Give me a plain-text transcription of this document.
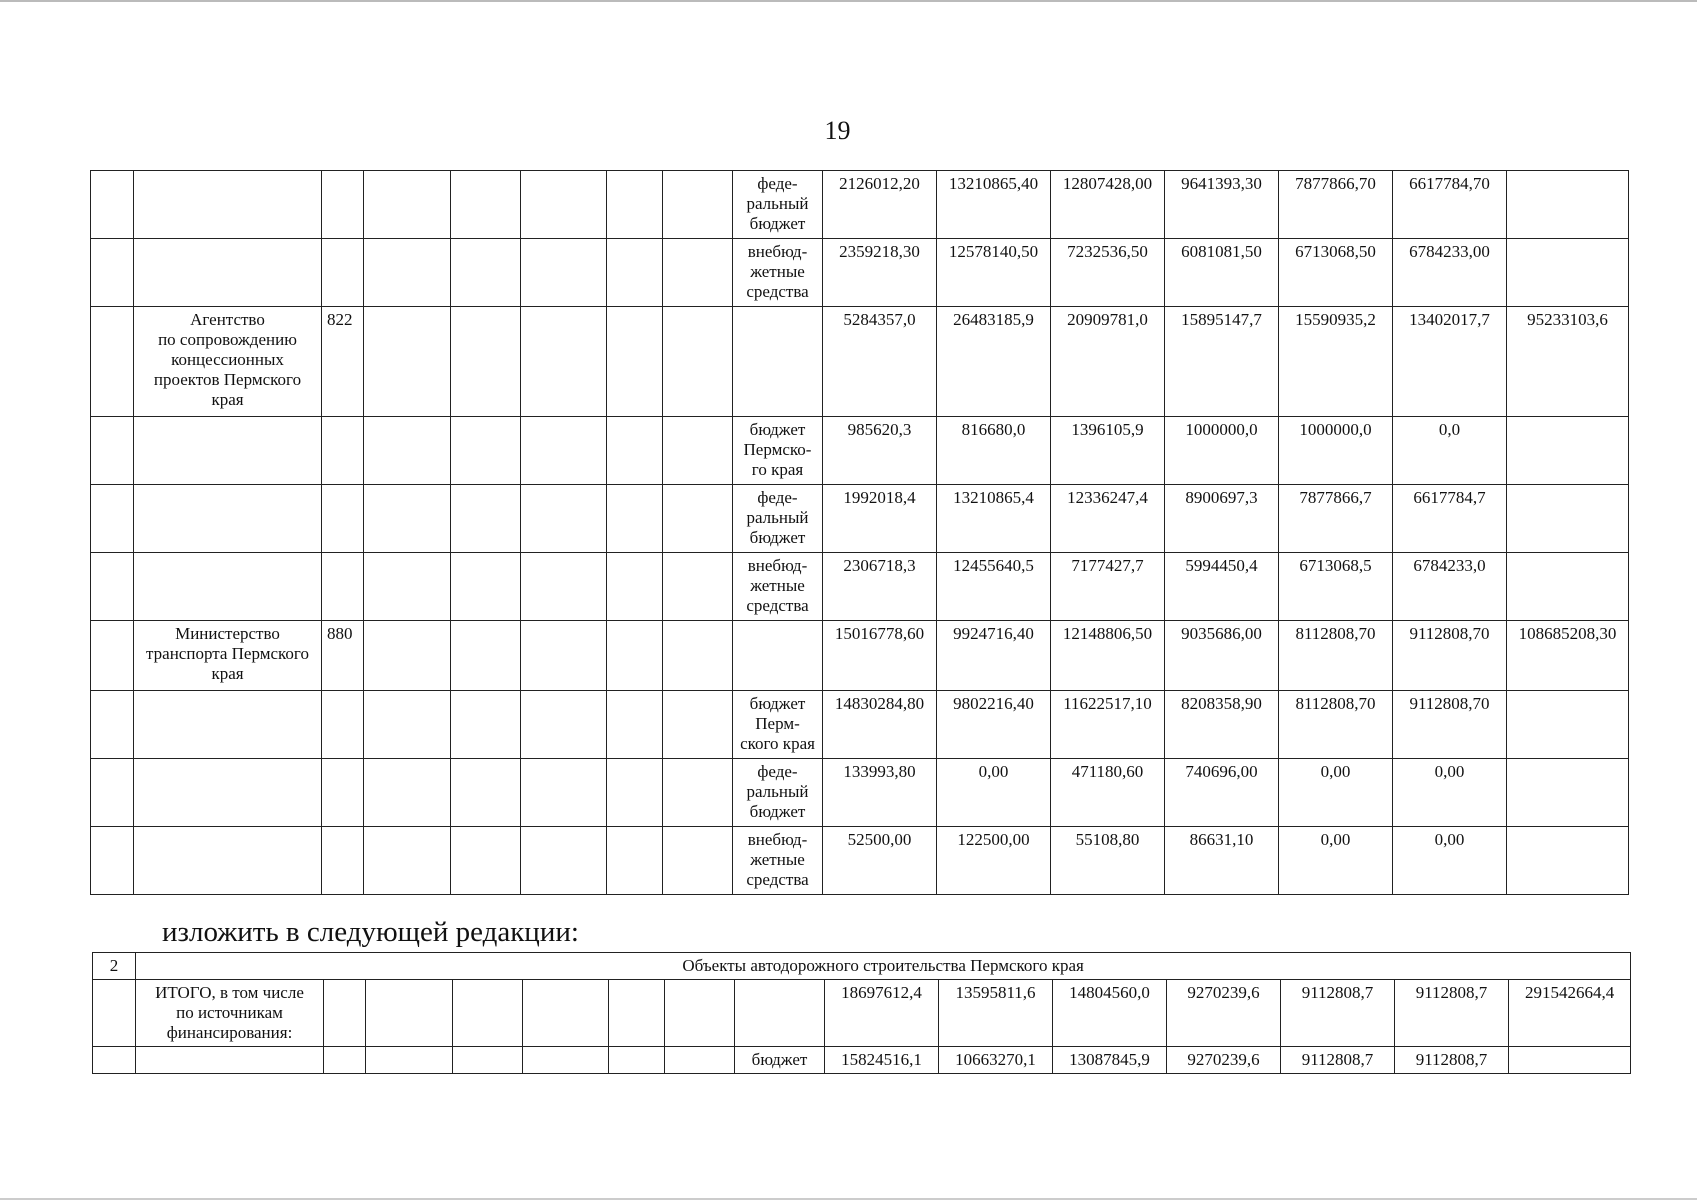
19
								феде-
ральный
бюджет	2126012,20	13210865,40	12807428,00	9641393,30	7877866,70	6617784,70	
								внебюд-
жетные
средства	2359218,30	12578140,50	7232536,50	6081081,50	6713068,50	6784233,00	
	Агентство
по сопровождению
концессионных
проектов Пермского
края	822							5284357,0	26483185,9	20909781,0	15895147,7	15590935,2	13402017,7	95233103,6
								бюджет
Пермско-
го края	985620,3	816680,0	1396105,9	1000000,0	1000000,0	0,0	
								феде-
ральный
бюджет	1992018,4	13210865,4	12336247,4	8900697,3	7877866,7	6617784,7	
								внебюд-
жетные
средства	2306718,3	12455640,5	7177427,7	5994450,4	6713068,5	6784233,0	
	Министерство
транспорта Пермского
края	880							15016778,60	9924716,40	12148806,50	9035686,00	8112808,70	9112808,70	108685208,30
								бюджет
Перм-
ского края	14830284,80	9802216,40	11622517,10	8208358,90	8112808,70	9112808,70	
								феде-
ральный
бюджет	133993,80	0,00	471180,60	740696,00	0,00	0,00	
								внебюд-
жетные
средства	52500,00	122500,00	55108,80	86631,10	0,00	0,00	
изложить в следующей редакции:
2	Объекты автодорожного строительства Пермского края														
	ИТОГО, в том числе
по источникам
финансирования:								18697612,4	13595811,6	14804560,0	9270239,6	9112808,7	9112808,7	291542664,4
								бюджет	15824516,1	10663270,1	13087845,9	9270239,6	9112808,7	9112808,7	
